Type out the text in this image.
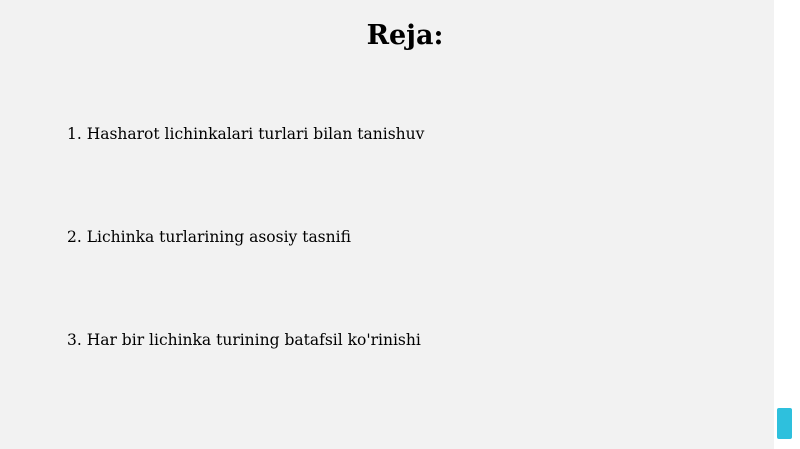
Reja:

1. Hasharot lichinkalari turlari bilan tanishuv

2. Lichinka turlarining asosiy tasnifi

3. Har bir lichinka turining batafsil ko'rinishi
